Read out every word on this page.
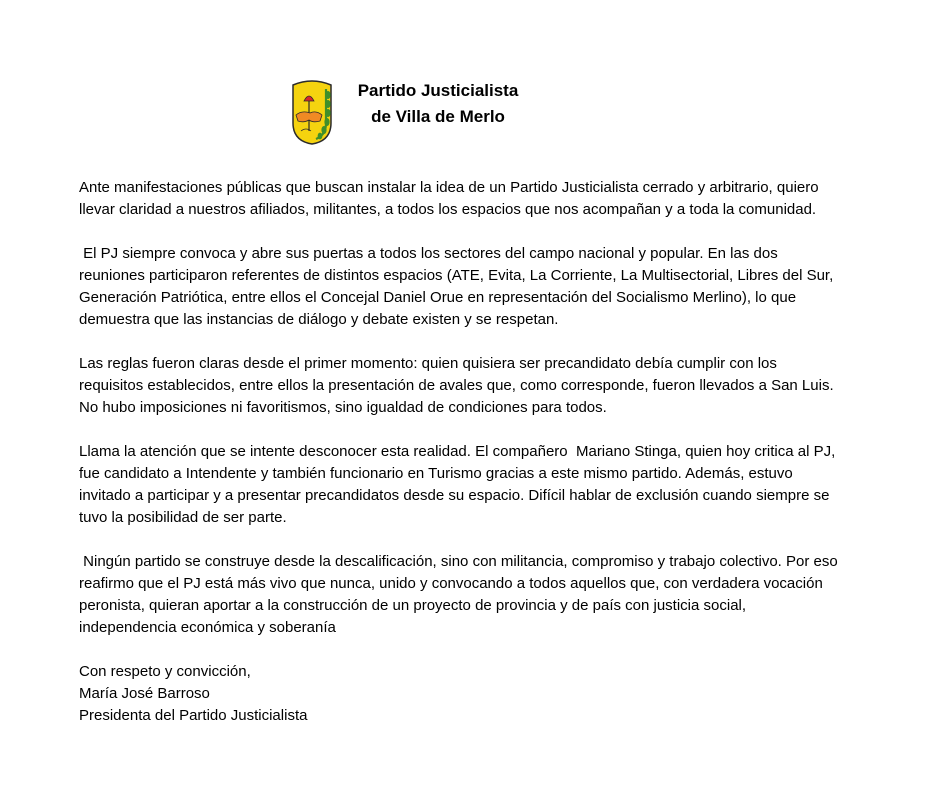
Partido Justicialista
de Villa de Merlo

Ante manifestaciones públicas que buscan instalar la idea de un Partido Justicialista cerrado y arbitrario, quiero llevar claridad a nuestros afiliados, militantes, a todos los espacios que nos acompañan y a toda la comunidad.

El PJ siempre convoca y abre sus puertas a todos los sectores del campo nacional y popular. En las dos reuniones participaron referentes de distintos espacios (ATE, Evita, La Corriente, La Multisectorial, Libres del Sur, Generación Patriótica, entre ellos el Concejal Daniel Orue en representación del Socialismo Merlino), lo que demuestra que las instancias de diálogo y debate existen y se respetan.

Las reglas fueron claras desde el primer momento: quien quisiera ser precandidato debía cumplir con los requisitos establecidos, entre ellos la presentación de avales que, como corresponde, fueron llevados a San Luis. No hubo imposiciones ni favoritismos, sino igualdad de condiciones para todos.

Llama la atención que se intente desconocer esta realidad. El compañero  Mariano Stinga, quien hoy critica al PJ, fue candidato a Intendente y también funcionario en Turismo gracias a este mismo partido. Además, estuvo invitado a participar y a presentar precandidatos desde su espacio. Difícil hablar de exclusión cuando siempre se tuvo la posibilidad de ser parte.

Ningún partido se construye desde la descalificación, sino con militancia, compromiso y trabajo colectivo. Por eso reafirmo que el PJ está más vivo que nunca, unido y convocando a todos aquellos que, con verdadera vocación peronista, quieran aportar a la construcción de un proyecto de provincia y de país con justicia social, independencia económica y soberanía

Con respeto y convicción,

María José Barroso

Presidenta del Partido Justicialista
